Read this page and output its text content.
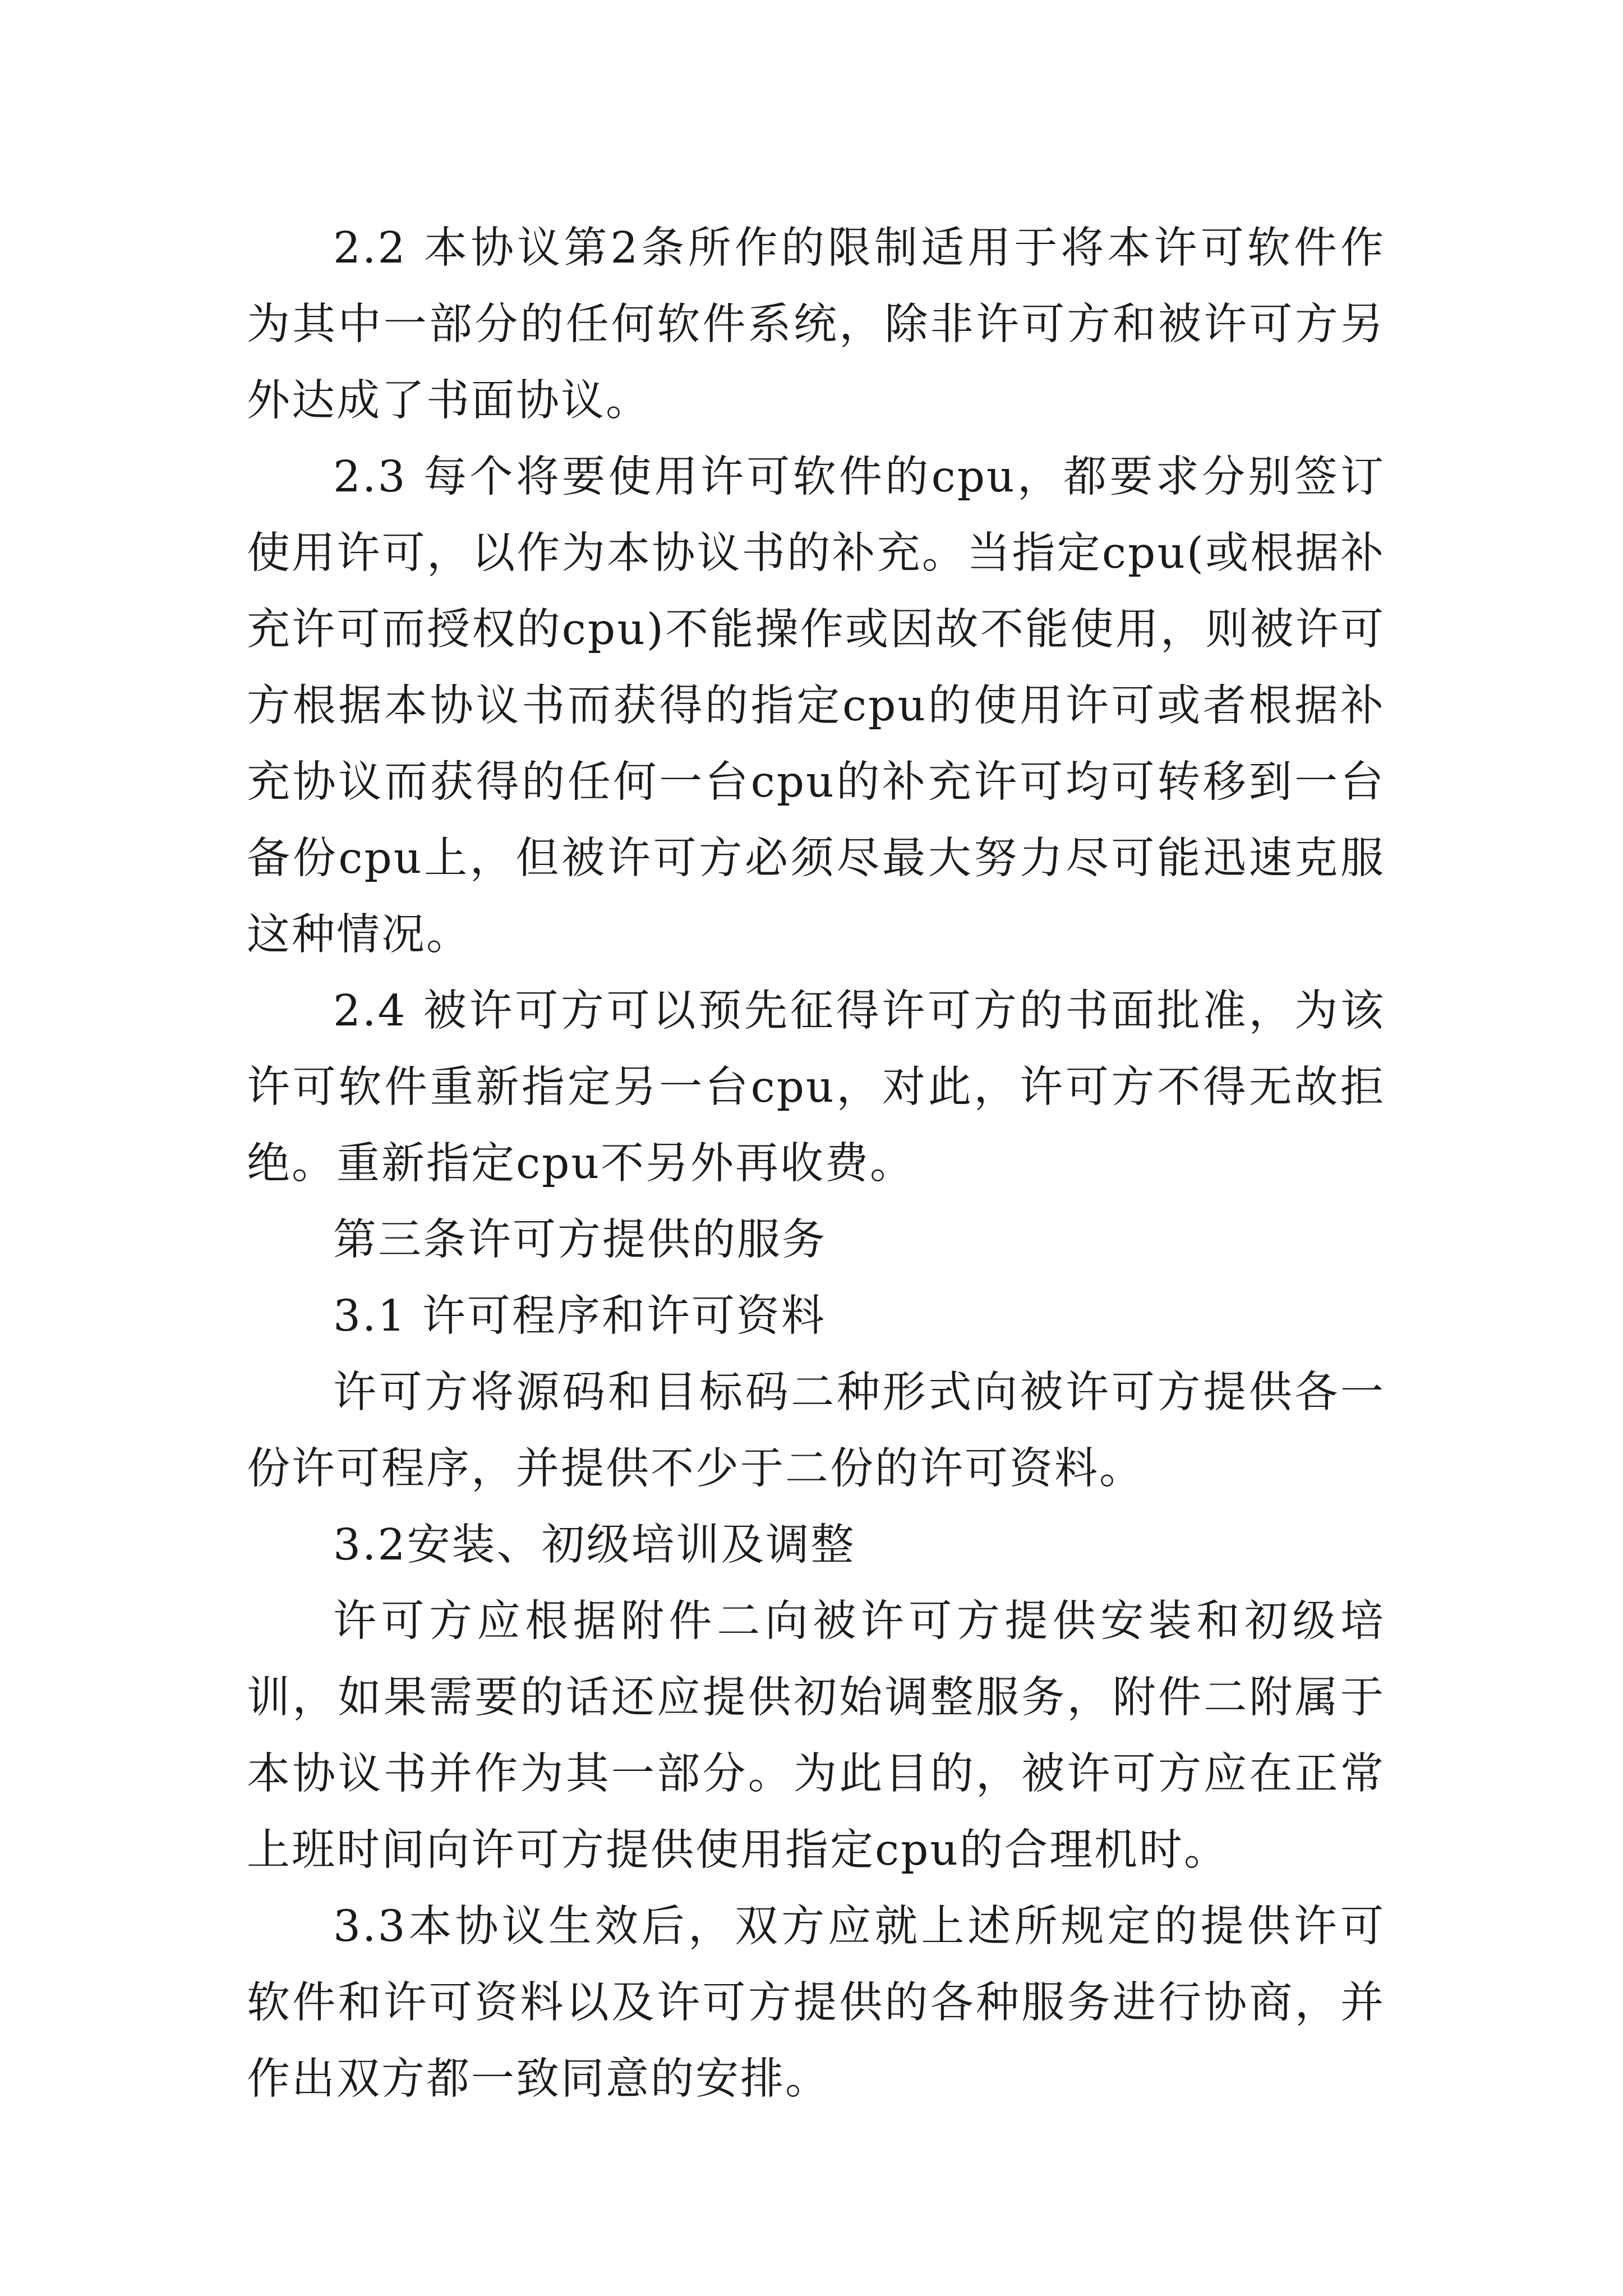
2.2 本协议第2条所作的限制适用于将本许可软件作为其中一部分的任何软件系统，除非许可方和被许可方另外达成了书面协议。

2.3 每个将要使用许可软件的cpu，都要求分别签订使用许可，以作为本协议书的补充。当指定cpu(或根据补充许可而授权的cpu)不能操作或因故不能使用，则被许可方根据本协议书而获得的指定cpu的使用许可或者根据补充协议而获得的任何一台cpu的补充许可均可转移到一台备份cpu上，但被许可方必须尽最大努力尽可能迅速克服这种情况。

2.4 被许可方可以预先征得许可方的书面批准，为该许可软件重新指定另一台cpu，对此，许可方不得无故拒绝。重新指定cpu不另外再收费。

第三条许可方提供的服务

3.1 许可程序和许可资料

许可方将源码和目标码二种形式向被许可方提供各一份许可程序，并提供不少于二份的许可资料。

3.2安装、初级培训及调整

许可方应根据附件二向被许可方提供安装和初级培训，如果需要的话还应提供初始调整服务，附件二附属于本协议书并作为其一部分。为此目的，被许可方应在正常上班时间向许可方提供使用指定cpu的合理机时。

3.3本协议生效后，双方应就上述所规定的提供许可软件和许可资料以及许可方提供的各种服务进行协商，并作出双方都一致同意的安排。
